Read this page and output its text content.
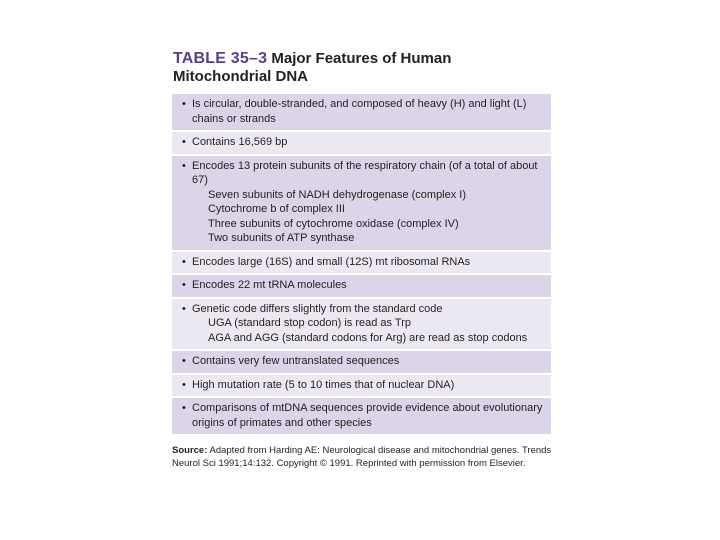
TABLE 35–3 Major Features of Human
Mitochondrial DNA
• Is circular, double-stranded, and composed of heavy (H) and light (L) chains or strands
• Contains 16,569 bp
• Encodes 13 protein subunits of the respiratory chain (of a total of about 67)
Seven subunits of NADH dehydrogenase (complex I)
Cytochrome b of complex III
Three subunits of cytochrome oxidase (complex IV)
Two subunits of ATP synthase
• Encodes large (16S) and small (12S) mt ribosomal RNAs
• Encodes 22 mt tRNA molecules
• Genetic code differs slightly from the standard code
UGA (standard stop codon) is read as Trp
AGA and AGG (standard codons for Arg) are read as stop codons
• Contains very few untranslated sequences
• High mutation rate (5 to 10 times that of nuclear DNA)
• Comparisons of mtDNA sequences provide evidence about evolutionary origins of primates and other species
Source: Adapted from Harding AE: Neurological disease and mitochondrial genes. Trends Neurol Sci 1991;14:132. Copyright © 1991. Reprinted with permission from Elsevier.
